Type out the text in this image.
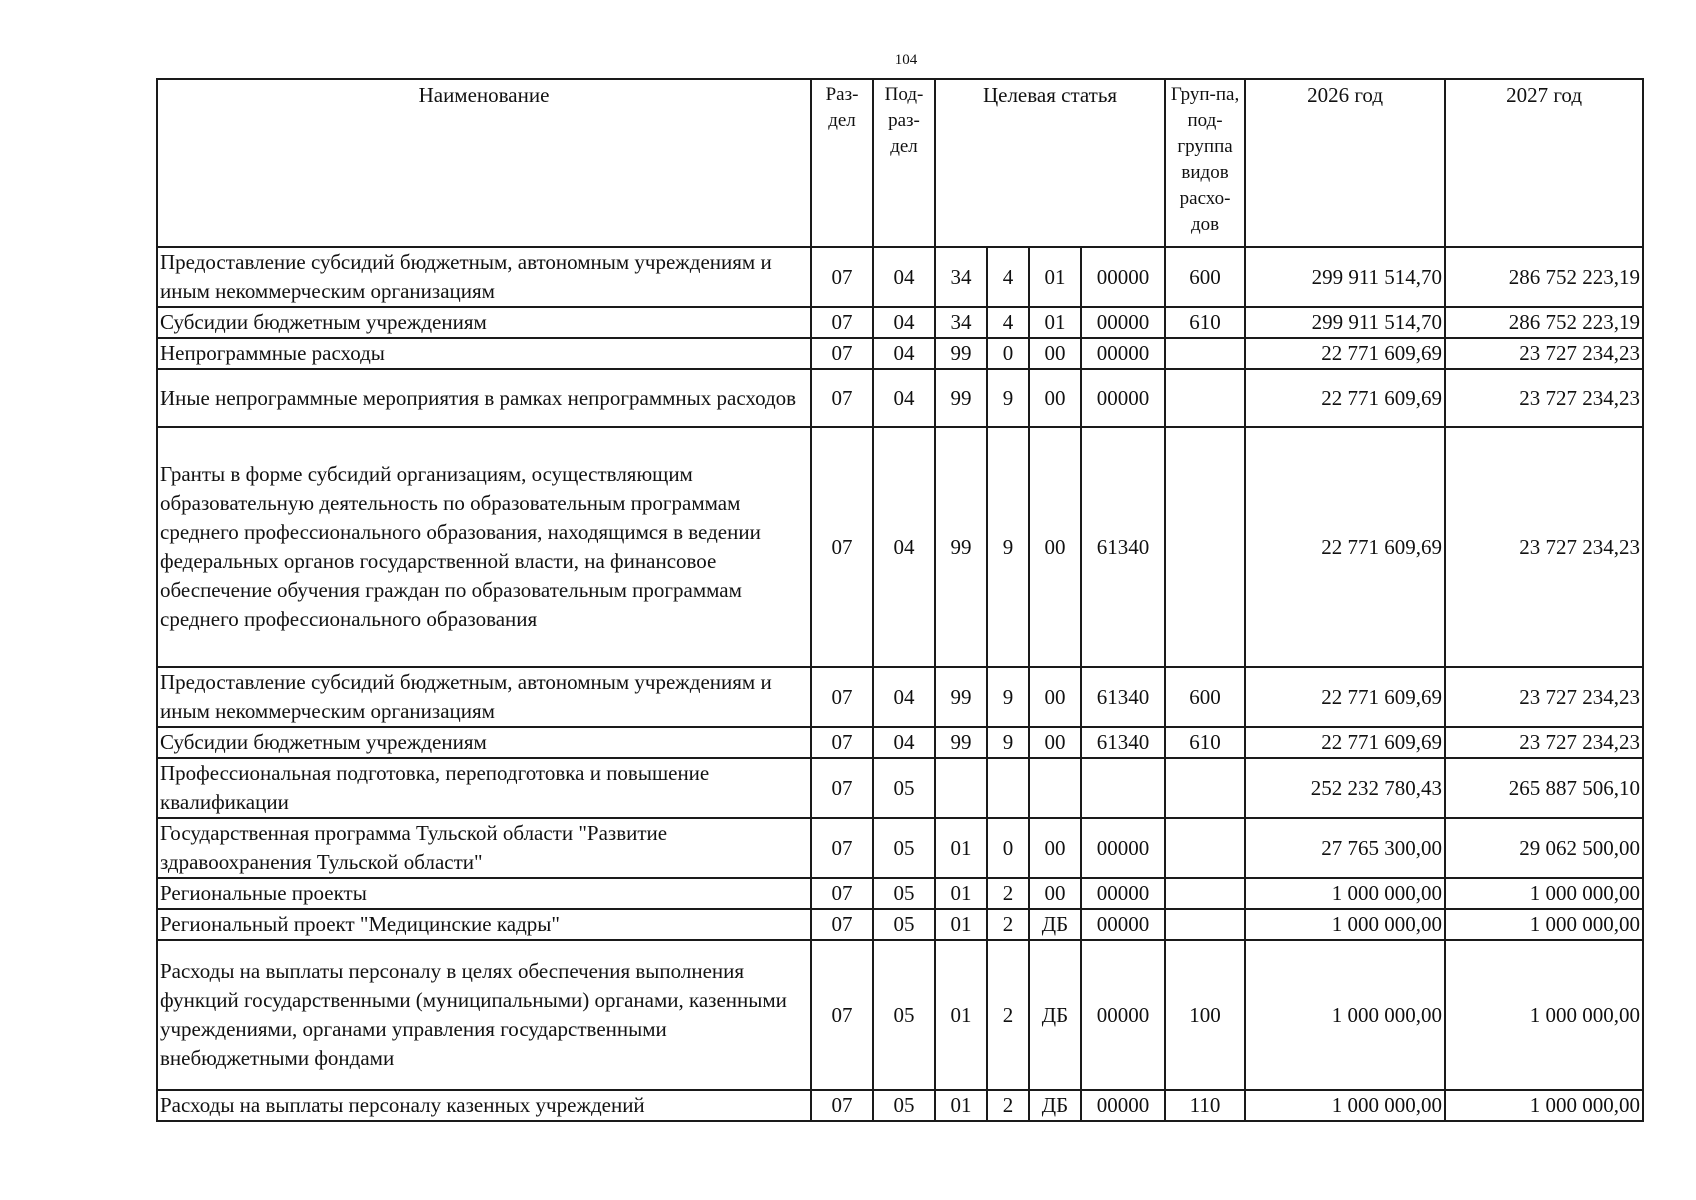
104
Наименование	Раз-дел	Под-раз-дел	Целевая статья				Груп-па, под-группа видов расхо-дов	2026 год	2027 год
Предоставление субсидий бюджетным, автономным учреждениям и иным некоммерческим организациям	07	04	34	4	01	00000	600	299 911 514,70	286 752 223,19
Субсидии бюджетным учреждениям	07	04	34	4	01	00000	610	299 911 514,70	286 752 223,19
Непрограммные расходы	07	04	99	0	00	00000		22 771 609,69	23 727 234,23
Иные непрограммные мероприятия в рамках непрограммных расходов	07	04	99	9	00	00000		22 771 609,69	23 727 234,23
Гранты в форме субсидий организациям, осуществляющим образовательную деятельность по образовательным программам среднего профессионального образования, находящимся в ведении федеральных органов государственной власти, на финансовое обеспечение обучения граждан по образовательным программам среднего профессионального образования	07	04	99	9	00	61340		22 771 609,69	23 727 234,23
Предоставление субсидий бюджетным, автономным учреждениям и иным некоммерческим организациям	07	04	99	9	00	61340	600	22 771 609,69	23 727 234,23
Субсидии бюджетным учреждениям	07	04	99	9	00	61340	610	22 771 609,69	23 727 234,23
Профессиональная подготовка, переподготовка и повышение квалификации	07	05						252 232 780,43	265 887 506,10
Государственная программа Тульской области "Развитие здравоохранения Тульской области"	07	05	01	0	00	00000		27 765 300,00	29 062 500,00
Региональные проекты	07	05	01	2	00	00000		1 000 000,00	1 000 000,00
Региональный проект "Медицинские кадры"	07	05	01	2	ДБ	00000		1 000 000,00	1 000 000,00
Расходы на выплаты персоналу в целях обеспечения выполнения функций государственными (муниципальными) органами, казенными учреждениями, органами управления государственными внебюджетными фондами	07	05	01	2	ДБ	00000	100	1 000 000,00	1 000 000,00
Расходы на выплаты персоналу казенных учреждений	07	05	01	2	ДБ	00000	110	1 000 000,00	1 000 000,00
